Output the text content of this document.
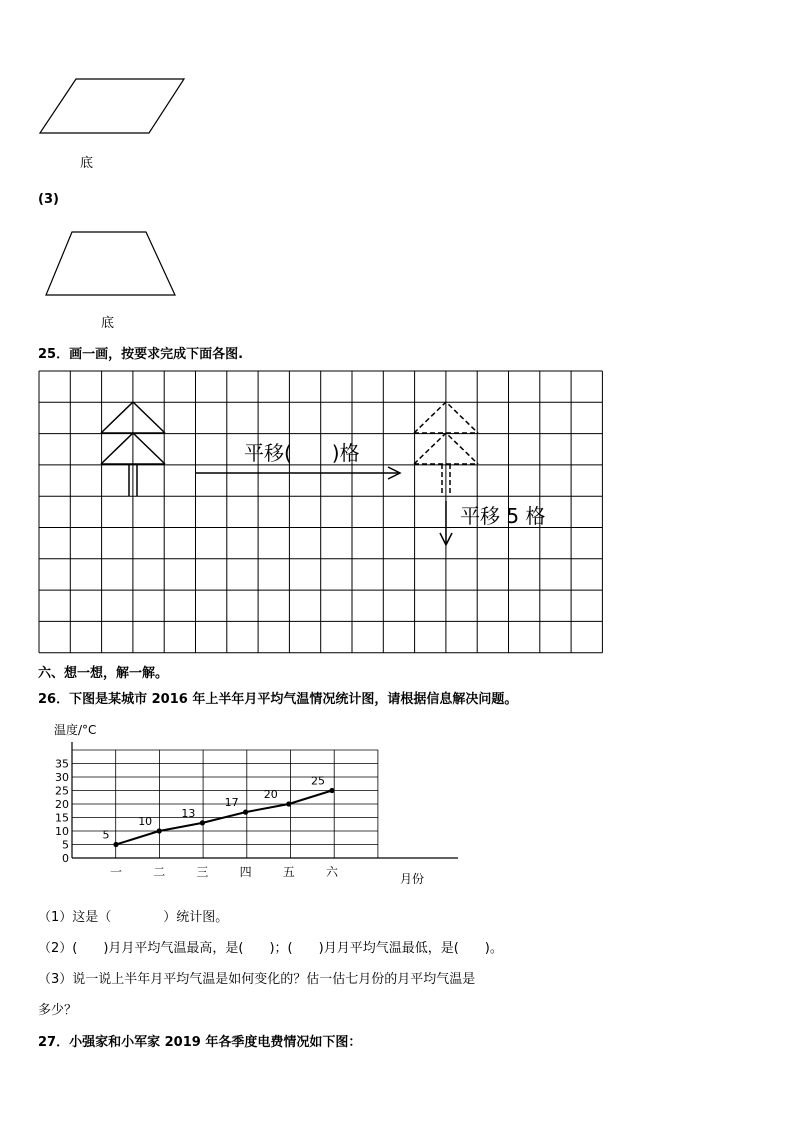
底
(3)
底
25．画一画，按要求完成下面各图.
平移(　　)格
平移 5 格
六、想一想，解一解。
26．下图是某城市 2016 年上半年月平均气温情况统计图，请根据信息解决问题。
0
5
10
15
20
25
30
35
一	二	三	四	五	六
5
10
13
17
20
25
温度/°C
月份
（1）这是（　　　　）统计图。
（2）(　　)月月平均气温最高，是(　　)；(　　)月月平均气温最低，是(　　)。
（3）说一说上半年月平均气温是如何变化的？估一估七月份的月平均气温是
多少？
27．小强家和小军家 2019 年各季度电费情况如下图：
